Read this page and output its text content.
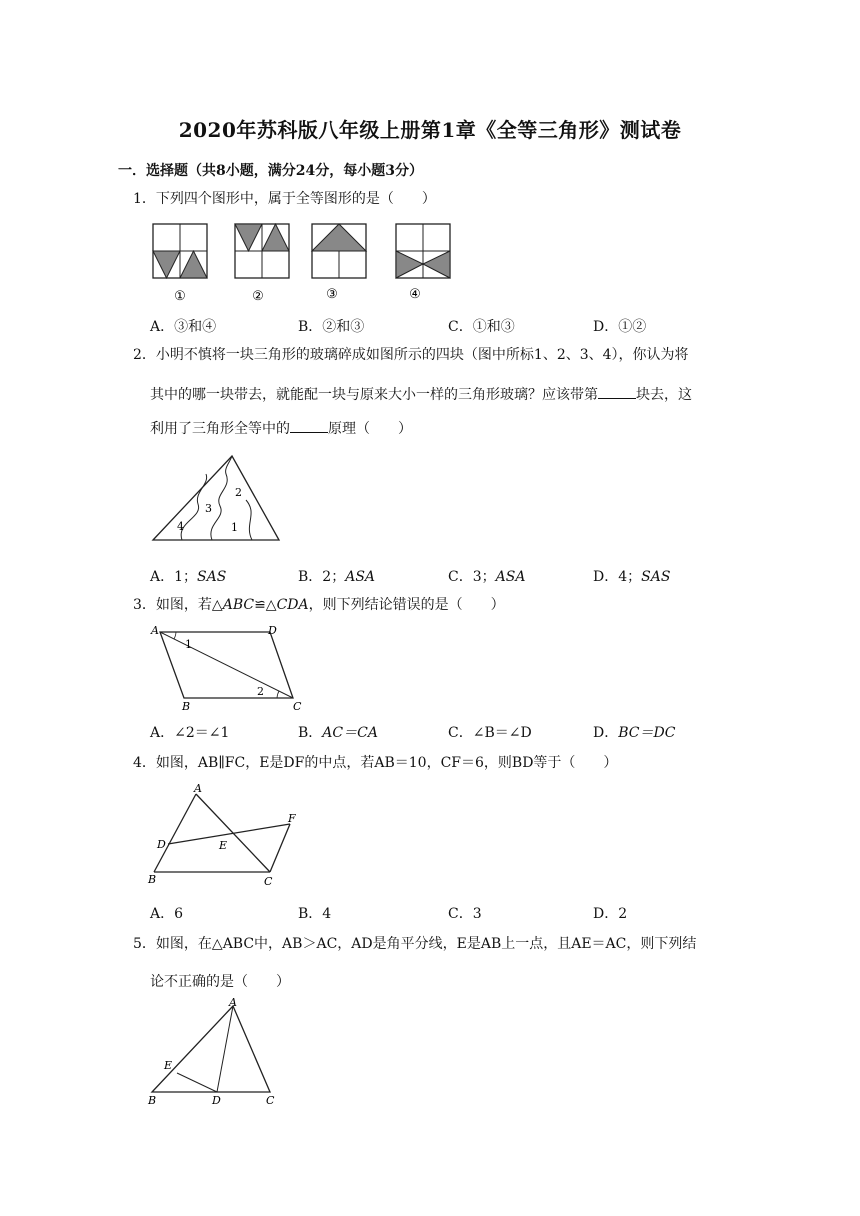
2020年苏科版八年级上册第1章《全等三角形》测试卷
一．选择题（共8小题，满分24分，每小题3分）
1．下列四个图形中，属于全等图形的是（　　）
①	②	③	④
A．③和④	B．②和③	C．①和③	D．①②
2．小明不慎将一块三角形的玻璃碎成如图所示的四块（图中所标1、2、3、4），你认为将
其中的哪一块带去，就能配一块与原来大小一样的三角形玻璃？应该带第	块去，这
利用了三角形全等中的	原理（　　）
1
2
3
4
A．1；SAS	B．2；ASA	C．3；ASA	D．4；SAS
3．如图，若△ABC≌△CDA，则下列结论错误的是（　　）
A	D
B	C
1
2
A．∠2＝∠1	B．AC＝CA	C．∠B＝∠D	D．BC＝DC
4．如图，AB∥FC，E是DF的中点，若AB＝10，CF＝6，则BD等于（　　）
A
F
D	E
B	C
A．6	B．4	C．3	D．2
5．如图，在△ABC中，AB＞AC，AD是角平分线，E是AB上一点，且AE＝AC，则下列结
论不正确的是（　　）
A
E
B	D	C
